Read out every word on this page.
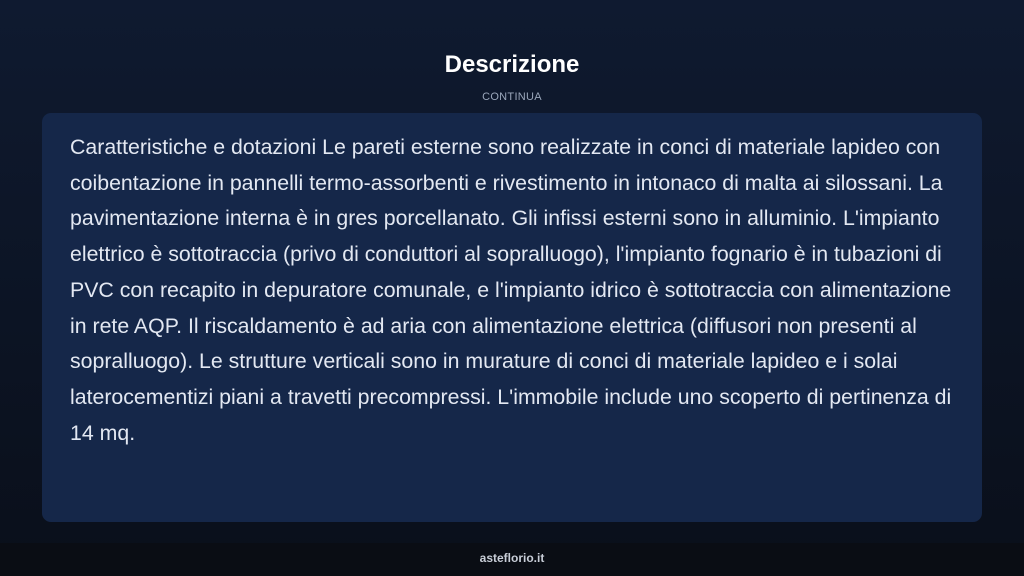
Descrizione
CONTINUA

Caratteristiche e dotazioni Le pareti esterne sono realizzate in conci di materiale lapideo con coibentazione in pannelli termo-assorbenti e rivestimento in intonaco di malta ai silossani. La pavimentazione interna è in gres porcellanato. Gli infissi esterni sono in alluminio. L'impianto elettrico è sottotraccia (privo di conduttori al sopralluogo), l'impianto fognario è in tubazioni di PVC con recapito in depuratore comunale, e l'impianto idrico è sottotraccia con alimentazione in rete AQP. Il riscaldamento è ad aria con alimentazione elettrica (diffusori non presenti al sopralluogo). Le strutture verticali sono in murature di conci di materiale lapideo e i solai laterocementizi piani a travetti precompressi. L'immobile include uno scoperto di pertinenza di 14 mq.

asteflorio.it
